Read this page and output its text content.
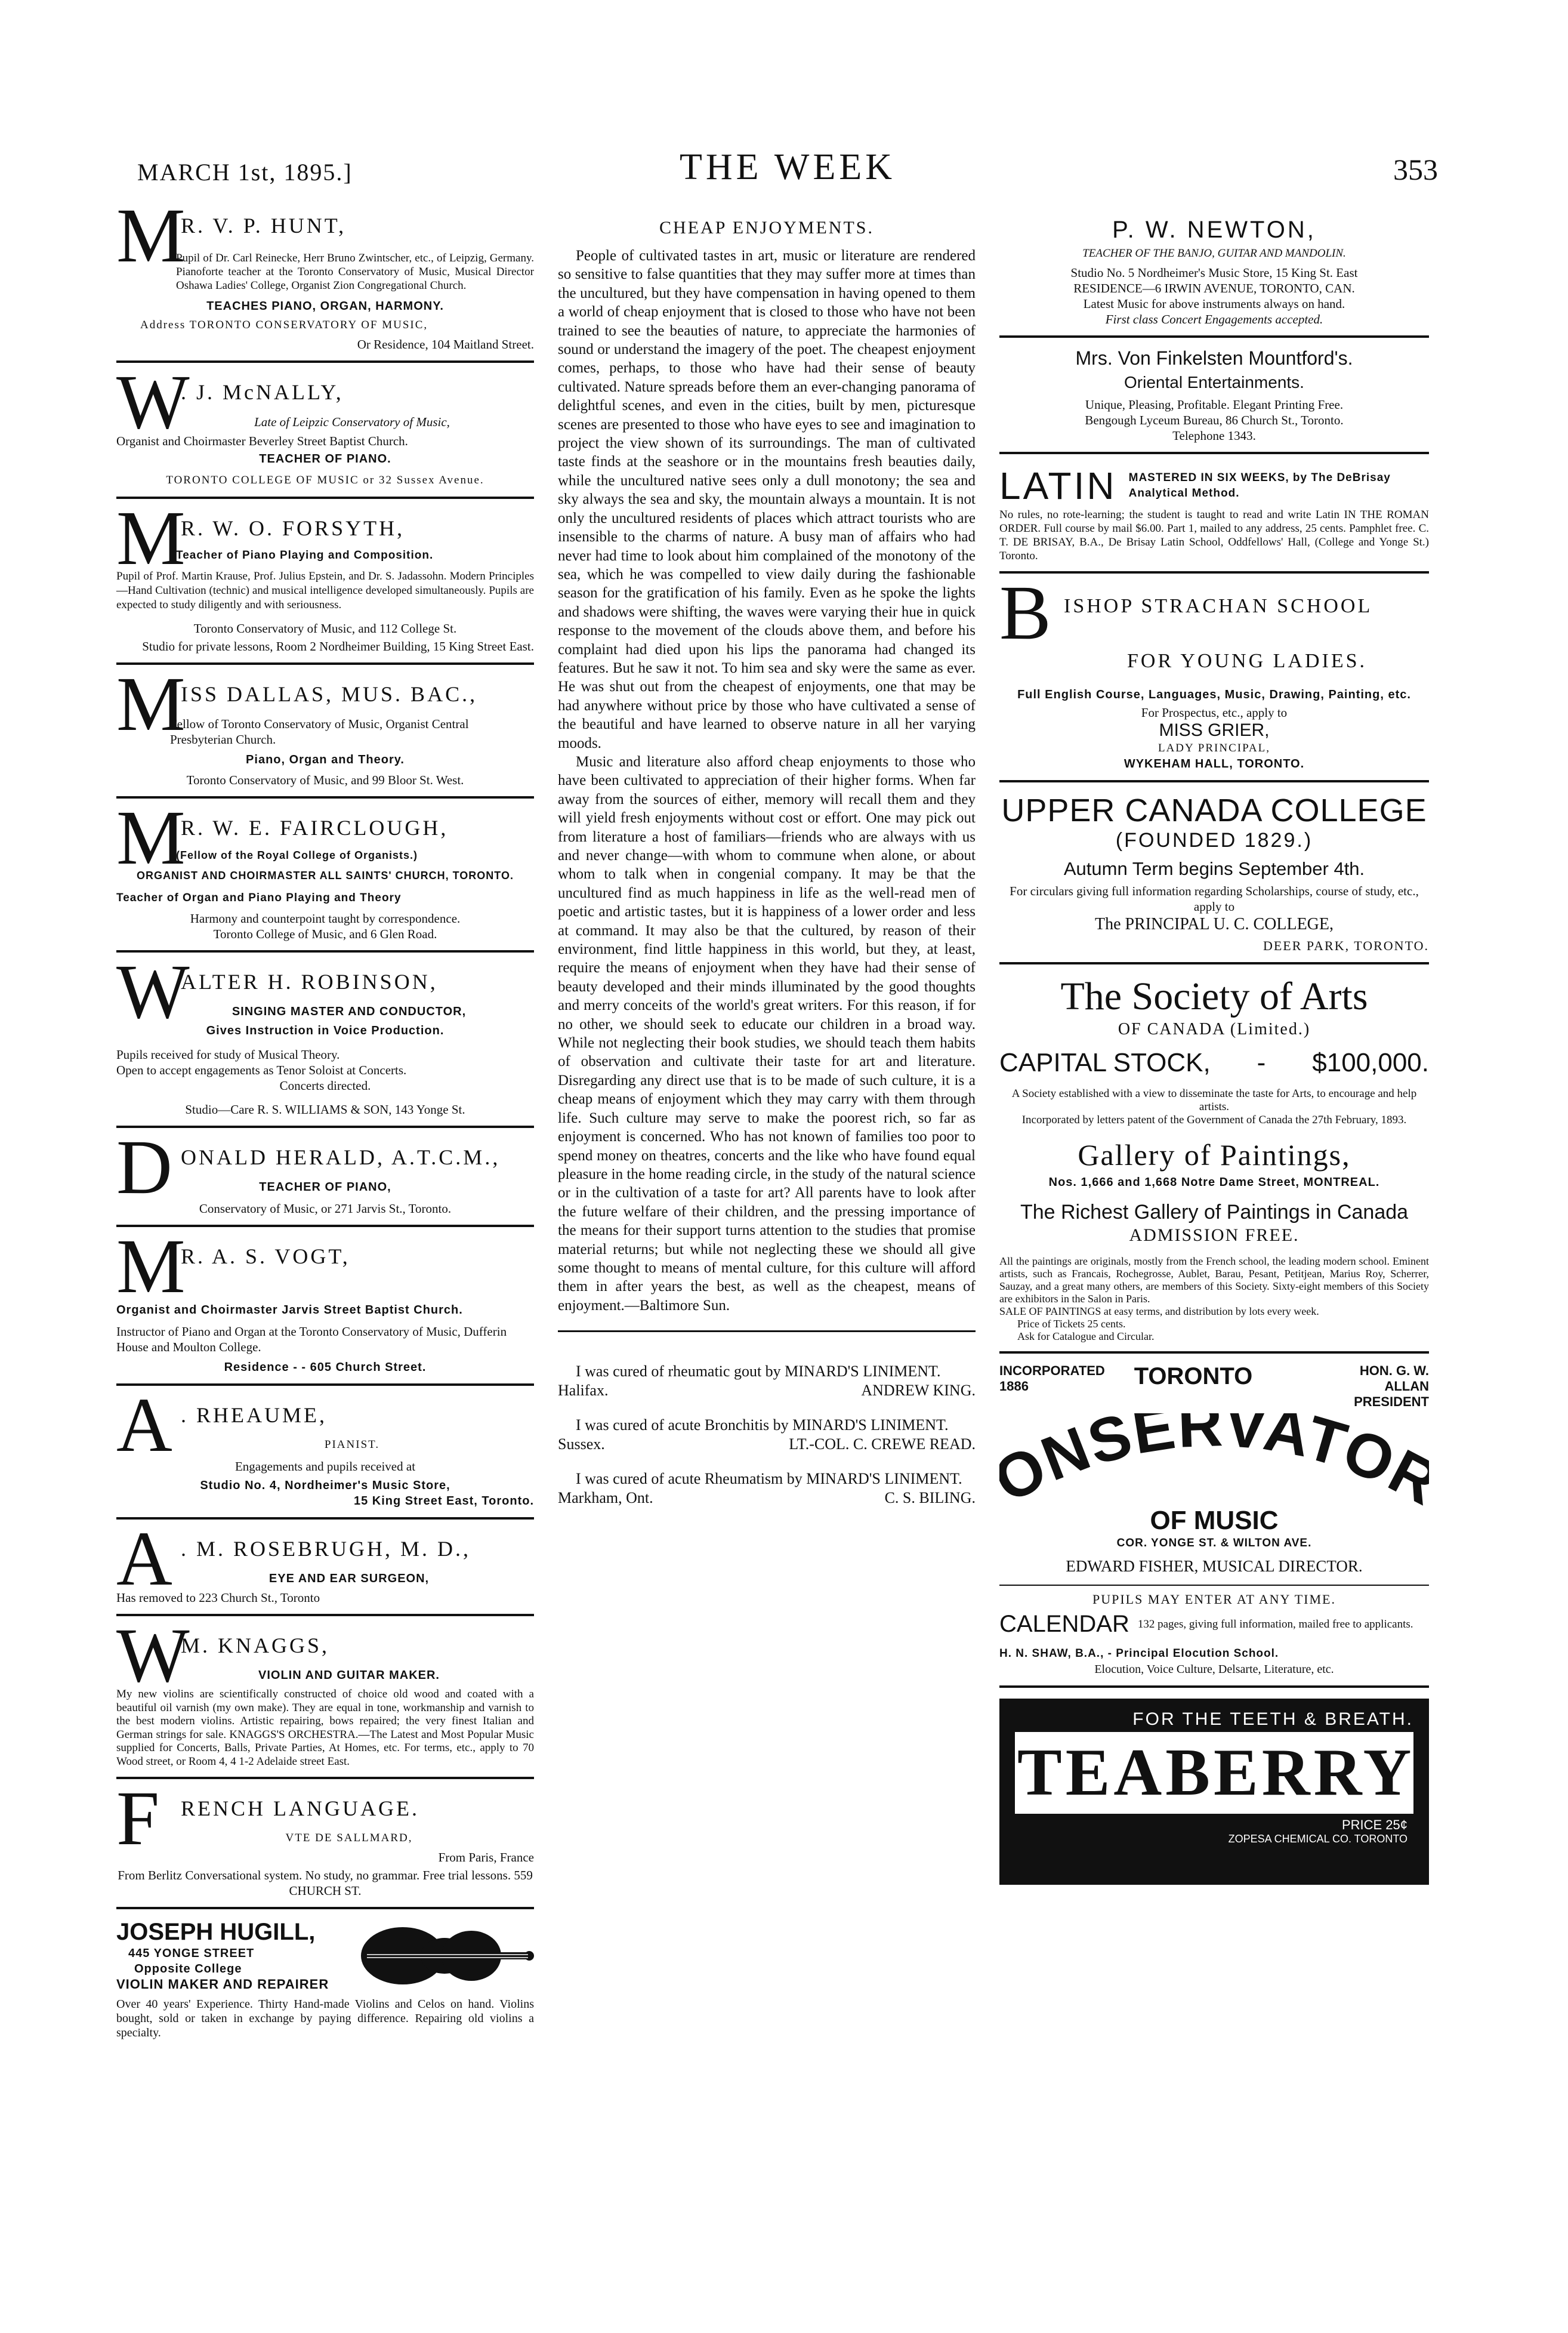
MARCH 1st, 1895.]	THE WEEK	353
M
R. V. P. HUNT,
Pupil of Dr. Carl Reinecke, Herr Bruno Zwintscher, etc., of Leipzig, Germany. Pianoforte teacher at the Toronto Conservatory of Music, Musical Director Oshawa Ladies' College, Organist Zion Congregational Church.
TEACHES PIANO, ORGAN, HARMONY.
Address TORONTO CONSERVATORY OF MUSIC,
Or Residence, 104 Maitland Street.
W
. J. McNALLY,
Late of Leipzic Conservatory of Music,
Organist and Choirmaster Beverley Street Baptist Church.
TEACHER OF PIANO.
TORONTO COLLEGE OF MUSIC or 32 Sussex Avenue.
M
R. W. O. FORSYTH,
Teacher of Piano Playing and Composition.
Pupil of Prof. Martin Krause, Prof. Julius Epstein, and Dr. S. Jadassohn. Modern Principles—Hand Cultivation (technic) and musical intelligence developed simultaneously. Pupils are expected to study diligently and with seriousness.
Toronto Conservatory of Music, and 112 College St.
Studio for private lessons, Room 2 Nordheimer Building, 15 King Street East.
M
ISS DALLAS, MUS. BAC.,
Fellow of Toronto Conservatory of Music, Organist Central Presbyterian Church.
Piano, Organ and Theory.
Toronto Conservatory of Music, and 99 Bloor St. West.
M
R. W. E. FAIRCLOUGH,
(Fellow of the Royal College of Organists.)
ORGANIST AND CHOIRMASTER ALL SAINTS' CHURCH, TORONTO.
Teacher of Organ and Piano Playing and Theory
Harmony and counterpoint taught by correspondence.
Toronto College of Music, and 6 Glen Road.
W
ALTER H. ROBINSON,
SINGING MASTER AND CONDUCTOR,
Gives Instruction in Voice Production.
Pupils received for study of Musical Theory.
Open to accept engagements as Tenor Soloist at Concerts.
Concerts directed.
Studio—Care R. S. WILLIAMS & SON, 143 Yonge St.
D ONALD HERALD, A.T.C.M.,
TEACHER OF PIANO,
Conservatory of Music, or 271 Jarvis St., Toronto.
M
R. A. S. VOGT,
Organist and Choirmaster Jarvis Street Baptist Church.
Instructor of Piano and Organ at the Toronto Conservatory of Music, Dufferin House and Moulton College.
Residence - - 605 Church Street.
A . RHEAUME,
PIANIST.
Engagements and pupils received at
Studio No. 4, Nordheimer's Music Store,
15 King Street East, Toronto.
A . M. ROSEBRUGH, M. D.,
EYE AND EAR SURGEON,
Has removed to 223 Church St., Toronto
W
M. KNAGGS,
VIOLIN AND GUITAR MAKER.
My new violins are scientifically constructed of choice old wood and coated with a beautiful oil varnish (my own make). They are equal in tone, workmanship and varnish to the best modern violins. Artistic repairing, bows repaired; the very finest Italian and German strings for sale. KNAGGS'S ORCHESTRA.—The Latest and Most Popular Music supplied for Concerts, Balls, Private Parties, At Homes, etc. For terms, etc., apply to 70 Wood street, or Room 4, 4 1-2 Adelaide street East.
F RENCH LANGUAGE.
VTE DE SALLMARD,
From Paris, France
From Berlitz Conversational system. No study, no grammar. Free trial lessons. 559 CHURCH ST.
JOSEPH HUGILL,
445 YONGE STREET
Opposite College
VIOLIN MAKER AND REPAIRER
Over 40 years' Experience. Thirty Hand-made Violins and Celos on hand. Violins bought, sold or taken in exchange by paying difference. Repairing old violins a specialty.
CHEAP ENJOYMENTS.

People of cultivated tastes in art, music or literature are rendered so sensitive to false quantities that they may suffer more at times than the uncultured, but they have compensation in having opened to them a world of cheap enjoyment that is closed to those who have not been trained to see the beauties of nature, to appreciate the harmonies of sound or understand the imagery of the poet. The cheapest enjoyment comes, perhaps, to those who have had their sense of beauty cultivated. Nature spreads before them an ever-changing panorama of delightful scenes, and even in the cities, built by men, picturesque scenes are presented to those who have eyes to see and imagination to project the view shown of its surroundings. The man of cultivated taste finds at the seashore or in the mountains fresh beauties daily, while the uncultured native sees only a dull monotony; the sea and sky always the sea and sky, the mountain always a mountain. It is not only the uncultured residents of places which attract tourists who are insensible to the charms of nature. A busy man of affairs who had never had time to look about him complained of the monotony of the sea, which he was compelled to view daily during the fashionable season for the gratification of his family. Even as he spoke the lights and shadows were shifting, the waves were varying their hue in quick response to the movement of the clouds above them, and before his complaint had died upon his lips the panorama had changed its features. But he saw it not. To him sea and sky were the same as ever. He was shut out from the cheapest of enjoyments, one that may be had anywhere without price by those who have cultivated a sense of the beautiful and have learned to observe nature in all her varying moods.

Music and literature also afford cheap enjoyments to those who have been cultivated to appreciation of their higher forms. When far away from the sources of either, memory will recall them and they will yield fresh enjoyments without cost or effort. One may pick out from literature a host of familiars—friends who are always with us and never change—with whom to commune when alone, or about whom to talk when in congenial company. It may be that the uncultured find as much happiness in life as the well-read men of poetic and artistic tastes, but it is happiness of a lower order and less at command. It may also be that the cultured, by reason of their environment, find little happiness in this world, but they, at least, require the means of enjoyment when they have had their sense of beauty developed and their minds illuminated by the good thoughts and merry conceits of the world's great writers. For this reason, if for no other, we should seek to educate our children in a broad way. While not neglecting their book studies, we should teach them habits of observation and cultivate their taste for art and literature. Disregarding any direct use that is to be made of such culture, it is a cheap means of enjoyment which they may carry with them through life. Such culture may serve to make the poorest rich, so far as enjoyment is concerned. Who has not known of families too poor to spend money on theatres, concerts and the like who have found equal pleasure in the home reading circle, in the study of the natural science or in the cultivation of a taste for art? All parents have to look after the future welfare of their children, and the pressing importance of the means for their support turns attention to the studies that promise material returns; but while not neglecting these we should all give some thought to means of mental culture, for this culture will afford them in after years the best, as well as the cheapest, means of enjoyment.—Baltimore Sun.

I was cured of rheumatic gout by MINARD'S LINIMENT.
Halifax.	ANDREW KING.
I was cured of acute Bronchitis by MINARD'S LINIMENT.
Sussex.	LT.-COL. C. CREWE READ.
I was cured of acute Rheumatism by MINARD'S LINIMENT.
Markham, Ont.	C. S. BILING.
P. W. NEWTON,
TEACHER OF THE BANJO, GUITAR AND MANDOLIN.
Studio No. 5 Nordheimer's Music Store, 15 King St. East
RESIDENCE—6 IRWIN AVENUE, TORONTO, CAN.
Latest Music for above instruments always on hand.
First class Concert Engagements accepted.
Mrs. Von Finkelsten Mountford's.
Oriental Entertainments.
Unique, Pleasing, Profitable. Elegant Printing Free.
Bengough Lyceum Bureau, 86 Church St., Toronto.
Telephone 1343.
LATIN MASTERED IN SIX WEEKS, by The DeBrisay Analytical Method.
No rules, no rote-learning; the student is taught to read and write Latin IN THE ROMAN ORDER. Full course by mail $6.00. Part 1, mailed to any address, 25 cents. Pamphlet free. C. T. DE BRISAY, B.A., De Brisay Latin School, Oddfellows' Hall, (College and Yonge St.) Toronto.
B ISHOP STRACHAN SCHOOL
FOR YOUNG LADIES.
Full English Course, Languages, Music, Drawing, Painting, etc.
For Prospectus, etc., apply to
MISS GRIER,
LADY PRINCIPAL,
WYKEHAM HALL, TORONTO.
UPPER CANADA COLLEGE
(FOUNDED 1829.)
Autumn Term begins September 4th.
For circulars giving full information regarding Scholarships, course of study, etc., apply to
The PRINCIPAL U. C. COLLEGE,
DEER PARK, TORONTO.
The Society of Arts
OF CANADA (Limited.)
CAPITAL STOCK, - $100,000.
A Society established with a view to disseminate the taste for Arts, to encourage and help artists.
Incorporated by letters patent of the Government of Canada the 27th February, 1893.
Gallery of Paintings,
Nos. 1,666 and 1,668 Notre Dame Street, MONTREAL.
The Richest Gallery of Paintings in Canada
ADMISSION FREE.
All the paintings are originals, mostly from the French school, the leading modern school. Eminent artists, such as Francais, Rochegrosse, Aublet, Barau, Pesant, Petitjean, Marius Roy, Scherrer, Sauzay, and a great many others, are members of this Society. Sixty-eight members of this Society are exhibitors in the Salon in Paris.
SALE OF PAINTINGS at easy terms, and distribution by lots every week.
Price of Tickets 25 cents.
Ask for Catalogue and Circular.
INCORPORATED 1886	TORONTO	HON. G. W. ALLAN PRESIDENT
NSERVATO
OF MUSIC
COR. YONGE ST. & WILTON AVE.
EDWARD FISHER, MUSICAL DIRECTOR.
PUPILS MAY ENTER AT ANY TIME.
CALENDAR 132 pages, giving full information, mailed free to applicants.
H. N. SHAW, B.A., - Principal Elocution School.
Elocution, Voice Culture, Delsarte, Literature, etc.
FOR THE TEETH & BREATH.
TEABERRY
PRICE 25¢
ZOPESA CHEMICAL CO. TORONTO
